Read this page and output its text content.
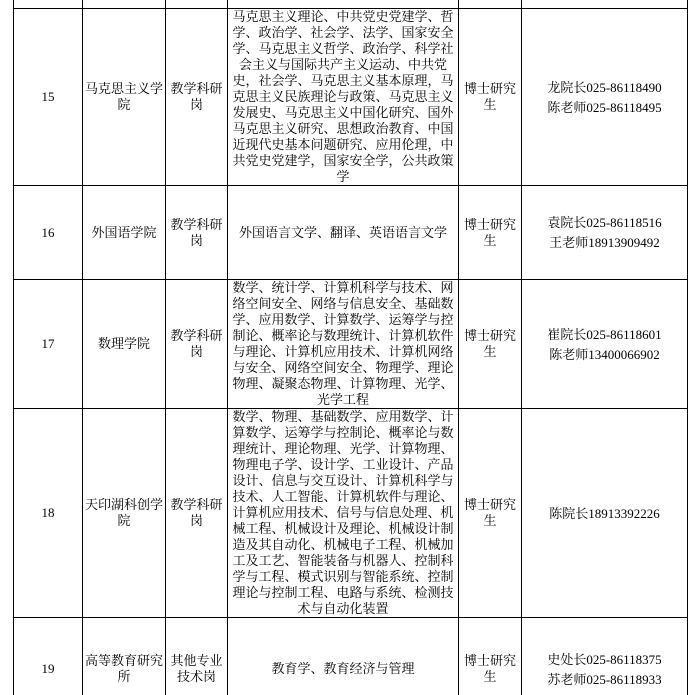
15	马克思主义学院	教学科研岗	马克思主义理论、中共党史党建学、哲学、政治学、社会学、法学、国家安全学、马克思主义哲学、政治学、科学社会主义与国际共产主义运动、中共党史，社会学、马克思主义基本原理，马克思主义民族理论与政策、马克思主义发展史、马克思主义中国化研究、国外马克思主义研究、思想政治教育、中国近现代史基本问题研究、应用伦理，中共党史党建学，国家安全学，公共政策学	博士研究生	龙院长025-86118490
陈老师025-86118495

16	外国语学院	教学科研岗	外国语言文学、翻译、英语语言文学	博士研究生	袁院长025-86118516
王老师18913909492

17	数理学院	教学科研岗	数学、统计学、计算机科学与技术、网络空间安全、网络与信息安全、基础数学、应用数学、计算数学、运筹学与控制论、概率论与数理统计、计算机软件与理论、计算机应用技术、计算机网络与安全、网络空间安全、物理学、理论物理、凝聚态物理、计算物理、光学、光学工程	博士研究生	崔院长025-86118601
陈老师13400066902

18	天印湖科创学院	教学科研岗	数学、物理、基础数学、应用数学、计算数学、运筹学与控制论、概率论与数理统计、理论物理、光学、计算物理、物理电子学、设计学、工业设计、产品设计、信息与交互设计、计算机科学与技术、人工智能、计算机软件与理论、计算机应用技术、信号与信息处理、机械工程、机械设计及理论、机械设计制造及其自动化、机械电子工程、机械加工及工艺、智能装备与机器人、控制科学与工程、模式识别与智能系统、控制理论与控制工程、电路与系统、检测技术与自动化装置	博士研究生	陈院长18913392226

19	高等教育研究所	其他专业技术岗	教育学、教育经济与管理	博士研究生	史处长025-86118375
苏老师025-86118933
